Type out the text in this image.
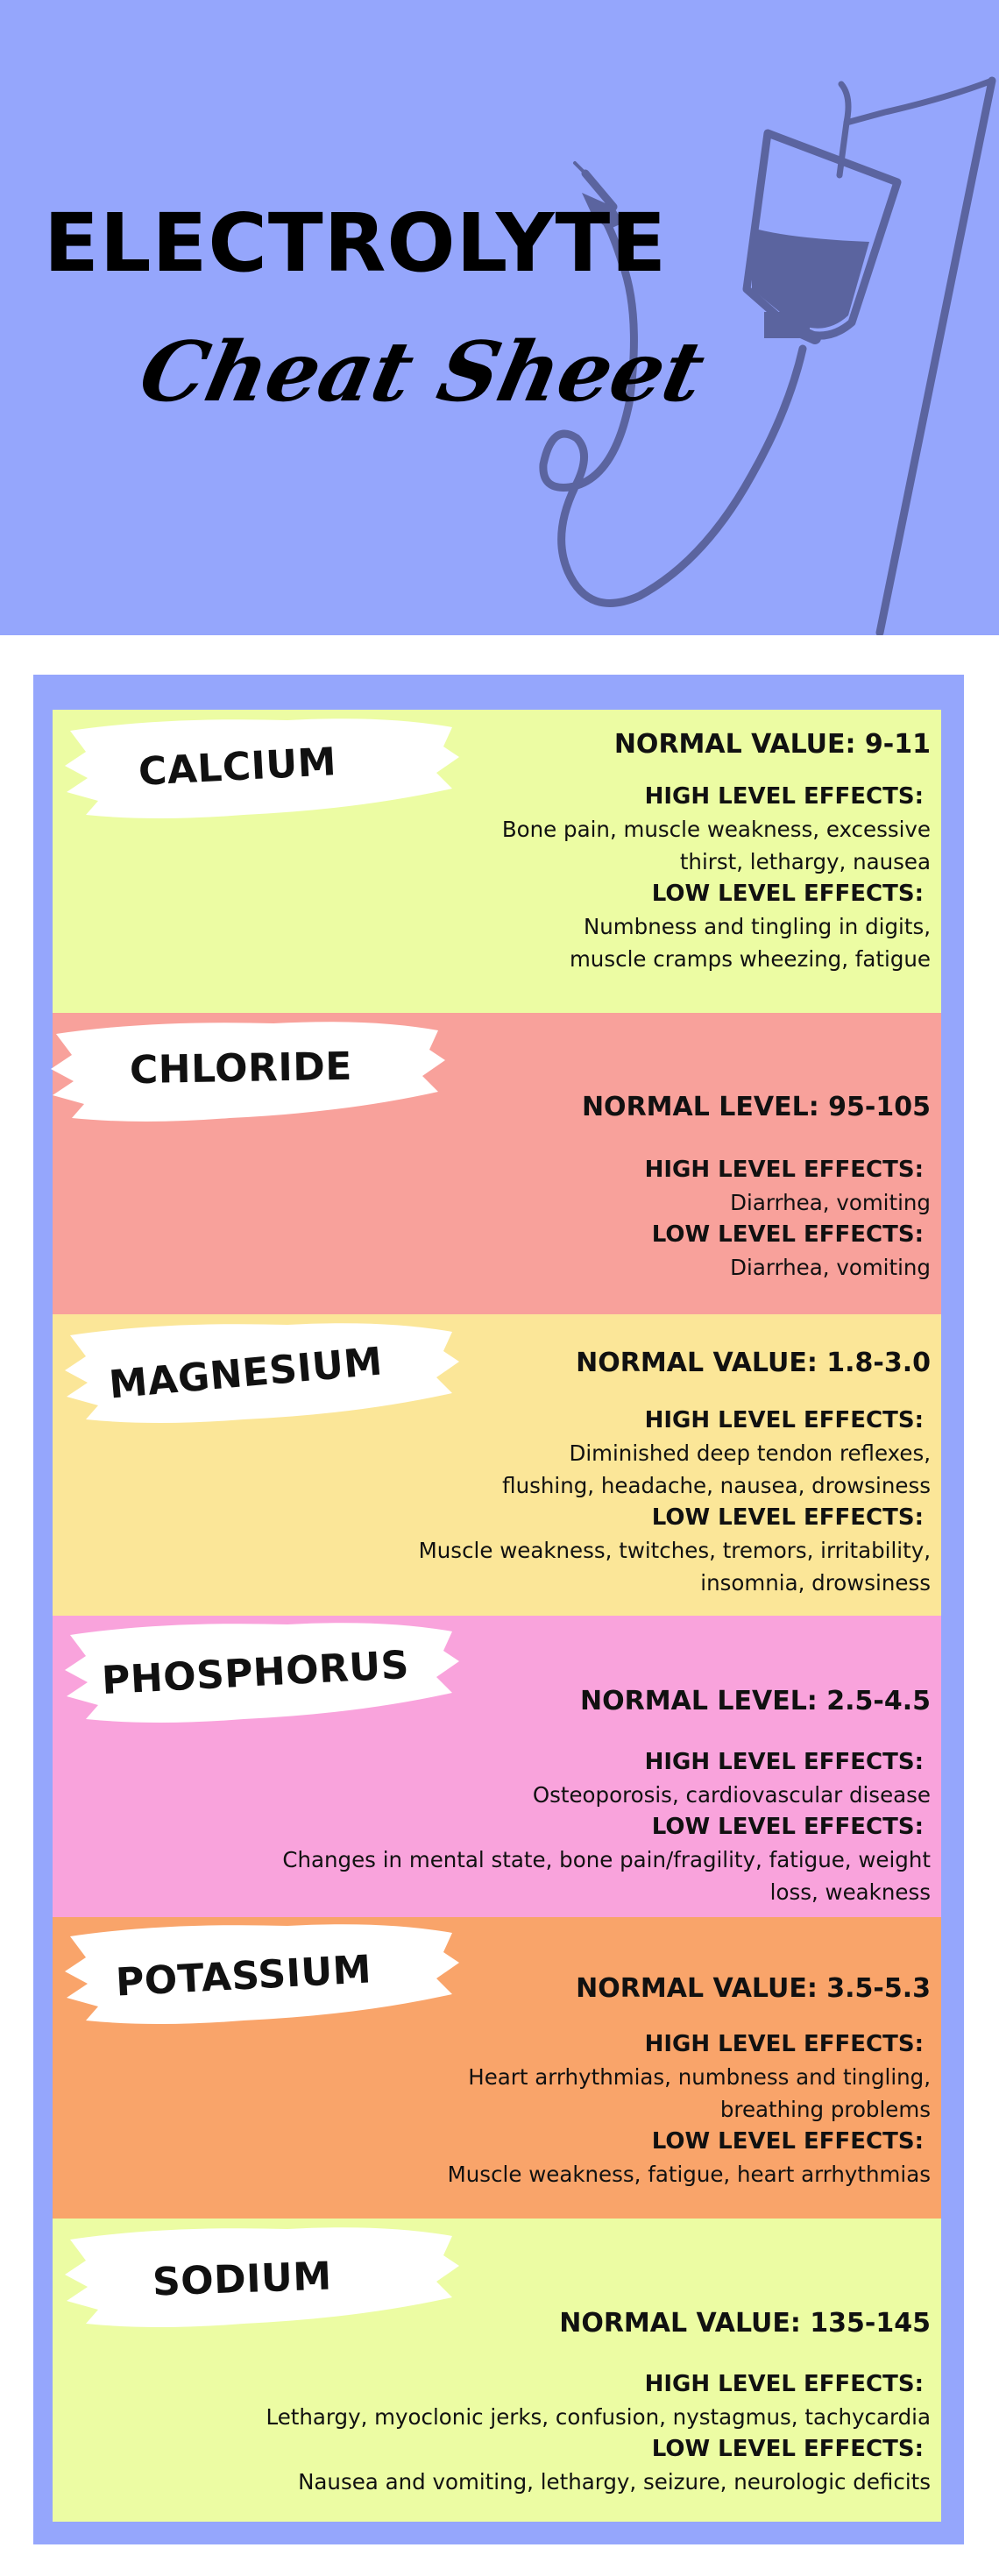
ELECTROLYTE
Cheat Sheet
CALCIUM	NORMAL VALUE: 9-11

HIGH LEVEL EFFECTS:

Bone pain, muscle weakness, excessive thirst, lethargy, nausea

LOW LEVEL EFFECTS:

Numbness and tingling in digits, muscle cramps wheezing, fatigue

CHLORIDE

NORMAL LEVEL: 95-105

HIGH LEVEL EFFECTS:

Diarrhea, vomiting

LOW LEVEL EFFECTS:

Diarrhea, vomiting

MAGNESIUM	NORMAL VALUE: 1.8-3.0

HIGH LEVEL EFFECTS:

Diminished deep tendon reflexes, flushing, headache, nausea, drowsiness

LOW LEVEL EFFECTS:

Muscle weakness, twitches, tremors, irritability, insomnia, drowsiness

PHOSPHORUS	NORMAL LEVEL: 2.5-4.5

HIGH LEVEL EFFECTS:

Osteoporosis, cardiovascular disease

LOW LEVEL EFFECTS:

Changes in mental state, bone pain/fragility, fatigue, weight loss, weakness

POTASSIUM	NORMAL VALUE: 3.5-5.3

HIGH LEVEL EFFECTS:

Heart arrhythmias, numbness and tingling, breathing problems

LOW LEVEL EFFECTS:

Muscle weakness, fatigue, heart arrhythmias

SODIUM

NORMAL VALUE: 135-145

HIGH LEVEL EFFECTS:

Lethargy, myoclonic jerks, confusion, nystagmus, tachycardia

LOW LEVEL EFFECTS:

Nausea and vomiting, lethargy, seizure, neurologic deficits
